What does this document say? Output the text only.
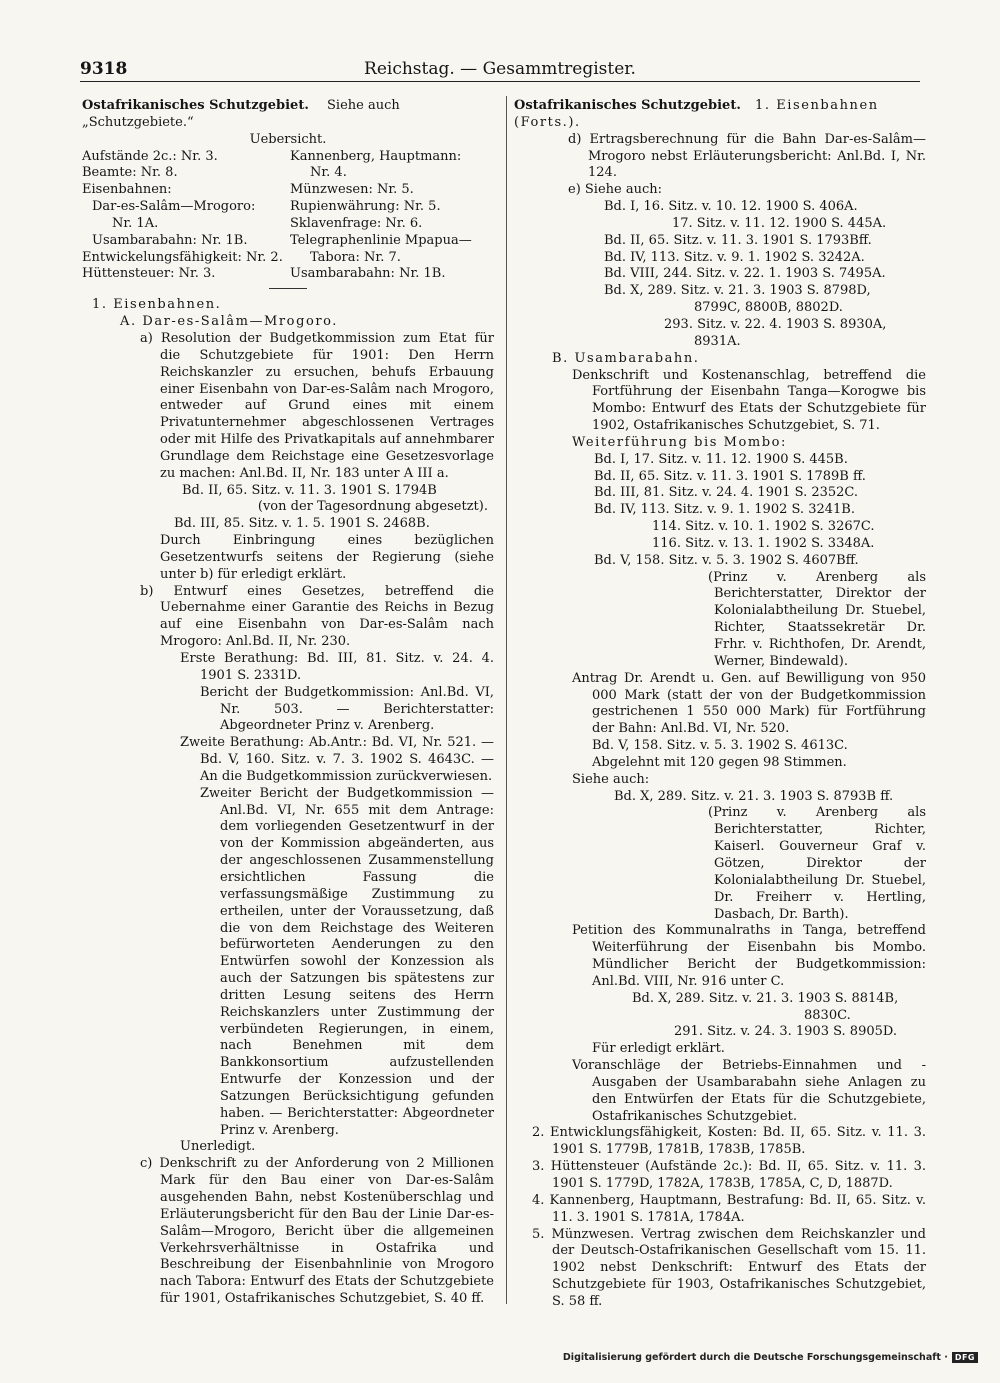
9318	Reichstag. — Gesammtregister.

Ostafrikanisches Schutzgebiet. Siehe auch „Schutzgebiete.“

Uebersicht.

Aufstände 2c.: Nr. 3.

Beamte: Nr. 8.

Eisenbahnen:

Dar-es-Salâm—Mrogoro:

Nr. 1A.

Usambarabahn: Nr. 1B.

Entwickelungsfähigkeit: Nr. 2.

Hüttensteuer: Nr. 3.

Kannenberg, Hauptmann:

Nr. 4.

Münzwesen: Nr. 5.

Rupienwährung: Nr. 5.

Sklavenfrage: Nr. 6.

Telegraphenlinie Mpapua—

Tabora: Nr. 7.

Usambarabahn: Nr. 1B.

1. Eisenbahnen.

A. Dar-es-Salâm—Mrogoro.

a) Resolution der Budgetkommission zum Etat für die Schutzgebiete für 1901: Den Herrn Reichskanzler zu ersuchen, behufs Erbauung einer Eisenbahn von Dar-es-Salâm nach Mrogoro, entweder auf Grund eines mit einem Privatunternehmer abgeschlossenen Vertrages oder mit Hilfe des Privatkapitals auf annehmbarer Grundlage dem Reichstage eine Gesetzesvorlage zu machen: Anl.Bd. II, Nr. 183 unter A III a.

Bd. II, 65. Sitz. v. 11. 3. 1901 S. 1794B

(von der Tagesordnung abgesetzt).

Bd. III, 85. Sitz. v. 1. 5. 1901 S. 2468B.

Durch Einbringung eines bezüglichen Gesetzentwurfs seitens der Regierung (siehe unter b) für erledigt erklärt.

b) Entwurf eines Gesetzes, betreffend die Uebernahme einer Garantie des Reichs in Bezug auf eine Eisenbahn von Dar-es-Salâm nach Mrogoro: Anl.Bd. II, Nr. 230.

Erste Berathung: Bd. III, 81. Sitz. v. 24. 4. 1901 S. 2331D.

Bericht der Budgetkommission: Anl.Bd. VI, Nr. 503. — Berichterstatter: Abgeordneter Prinz v. Arenberg.

Zweite Berathung: Ab.Antr.: Bd. VI, Nr. 521. — Bd. V, 160. Sitz. v. 7. 3. 1902 S. 4643C. — An die Budgetkommission zurückverwiesen.

Zweiter Bericht der Budgetkommission — Anl.Bd. VI, Nr. 655 mit dem Antrage: dem vorliegenden Gesetzentwurf in der von der Kommission abgeänderten, aus der angeschlossenen Zusammenstellung ersichtlichen Fassung die verfassungsmäßige Zustimmung zu ertheilen, unter der Voraussetzung, daß die von dem Reichstage des Weiteren befürworteten Aenderungen zu den Entwürfen sowohl der Konzession als auch der Satzungen bis spätestens zur dritten Lesung seitens des Herrn Reichskanzlers unter Zustimmung der verbündeten Regierungen, in einem, nach Benehmen mit dem Bankkonsortium aufzustellenden Entwurfe der Konzession und der Satzungen Berücksichtigung gefunden haben. — Berichterstatter: Abgeordneter Prinz v. Arenberg.

Unerledigt.

c) Denkschrift zu der Anforderung von 2 Millionen Mark für den Bau einer von Dar-es-Salâm ausgehenden Bahn, nebst Kostenüberschlag und Erläuterungsbericht für den Bau der Linie Dar-es-Salâm—Mrogoro, Bericht über die allgemeinen Verkehrsverhältnisse in Ostafrika und Beschreibung der Eisenbahnlinie von Mrogoro nach Tabora: Entwurf des Etats der Schutzgebiete für 1901, Ostafrikanisches Schutzgebiet, S. 40 ff.

Ostafrikanisches Schutzgebiet. 1. Eisenbahnen (Forts.).

d) Ertragsberechnung für die Bahn Dar-es-Salâm—Mrogoro nebst Erläuterungsbericht: Anl.Bd. I, Nr. 124.

e) Siehe auch:

Bd. I, 16. Sitz. v. 10. 12. 1900 S. 406A.

17. Sitz. v. 11. 12. 1900 S. 445A.

Bd. II, 65. Sitz. v. 11. 3. 1901 S. 1793Bff.

Bd. IV, 113. Sitz. v. 9. 1. 1902 S. 3242A.

Bd. VIII, 244. Sitz. v. 22. 1. 1903 S. 7495A.

Bd. X, 289. Sitz. v. 21. 3. 1903 S. 8798D,

8799C, 8800B, 8802D.

293. Sitz. v. 22. 4. 1903 S. 8930A,

8931A.

B. Usambarabahn.

Denkschrift und Kostenanschlag, betreffend die Fortführung der Eisenbahn Tanga—Korogwe bis Mombo: Entwurf des Etats der Schutzgebiete für 1902, Ostafrikanisches Schutzgebiet, S. 71.

Weiterführung bis Mombo:

Bd. I, 17. Sitz. v. 11. 12. 1900 S. 445B.

Bd. II, 65. Sitz. v. 11. 3. 1901 S. 1789B ff.

Bd. III, 81. Sitz. v. 24. 4. 1901 S. 2352C.

Bd. IV, 113. Sitz. v. 9. 1. 1902 S. 3241B.

114. Sitz. v. 10. 1. 1902 S. 3267C.

116. Sitz. v. 13. 1. 1902 S. 3348A.

Bd. V, 158. Sitz. v. 5. 3. 1902 S. 4607Bff.

(Prinz v. Arenberg als Berichterstatter, Direktor der Kolonialabtheilung Dr. Stuebel, Richter, Staatssekretär Dr. Frhr. v. Richthofen, Dr. Arendt, Werner, Bindewald).

Antrag Dr. Arendt u. Gen. auf Bewilligung von 950 000 Mark (statt der von der Budgetkommission gestrichenen 1 550 000 Mark) für Fortführung der Bahn: Anl.Bd. VI, Nr. 520.

Bd. V, 158. Sitz. v. 5. 3. 1902 S. 4613C.

Abgelehnt mit 120 gegen 98 Stimmen.

Siehe auch:

Bd. X, 289. Sitz. v. 21. 3. 1903 S. 8793B ff.

(Prinz v. Arenberg als Berichterstatter, Richter, Kaiserl. Gouverneur Graf v. Götzen, Direktor der Kolonialabtheilung Dr. Stuebel, Dr. Freiherr v. Hertling, Dasbach, Dr. Barth).

Petition des Kommunalraths in Tanga, betreffend Weiterführung der Eisenbahn bis Mombo. Mündlicher Bericht der Budgetkommission: Anl.Bd. VIII, Nr. 916 unter C.

Bd. X, 289. Sitz. v. 21. 3. 1903 S. 8814B,

8830C.

291. Sitz. v. 24. 3. 1903 S. 8905D.

Für erledigt erklärt.

Voranschläge der Betriebs-Einnahmen und -Ausgaben der Usambarabahn siehe Anlagen zu den Entwürfen der Etats für die Schutzgebiete, Ostafrikanisches Schutzgebiet.

2. Entwicklungsfähigkeit, Kosten: Bd. II, 65. Sitz. v. 11. 3. 1901 S. 1779B, 1781B, 1783B, 1785B.

3. Hüttensteuer (Aufstände 2c.): Bd. II, 65. Sitz. v. 11. 3. 1901 S. 1779D, 1782A, 1783B, 1785A, C, D, 1887D.

4. Kannenberg, Hauptmann, Bestrafung: Bd. II, 65. Sitz. v. 11. 3. 1901 S. 1781A, 1784A.

5. Münzwesen. Vertrag zwischen dem Reichskanzler und der Deutsch-Ostafrikanischen Gesellschaft vom 15. 11. 1902 nebst Denkschrift: Entwurf des Etats der Schutzgebiete für 1903, Ostafrikanisches Schutzgebiet, S. 58 ff.

Digitalisierung gefördert durch die Deutsche Forschungsgemeinschaft · DFG
